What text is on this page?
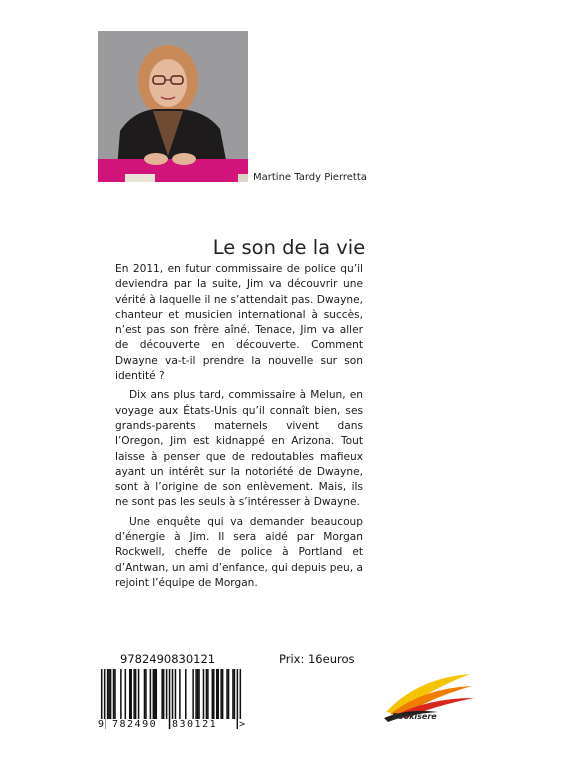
Martine Tardy Pierretta
Le son de la vie

En 2011, en futur commissaire de police qu’il deviendra par la suite, Jim va découvrir une vérité à laquelle il ne s’attendait pas. Dwayne, chanteur et musicien international à succès, n’est pas son frère aîné. Tenace, Jim va aller de découverte en découverte. Comment Dwayne va-t-il prendre la nouvelle sur son identité ?

Dix ans plus tard, commissaire à Melun, en voyage aux États-Unis qu’il connaît bien, ses grands-parents maternels vivent dans l’Oregon, Jim est kidnappé en Arizona. Tout laisse à penser que de redoutables mafieux ayant un intérêt sur la notoriété de Dwayne, sont à l’origine de son enlèvement. Mais, ils ne sont pas les seuls à s’intéresser à Dwayne.

Une enquête qui va demander beaucoup d’énergie à Jim. Il sera aidé par Morgan Rockwell, cheffe de police à Portland et d’Antwan, un ami d’enfance, qui depuis peu, a rejoint l’équipe de Morgan.

9782490830121	Prix: 16euros
9 782490 830121 >
Bookisere
